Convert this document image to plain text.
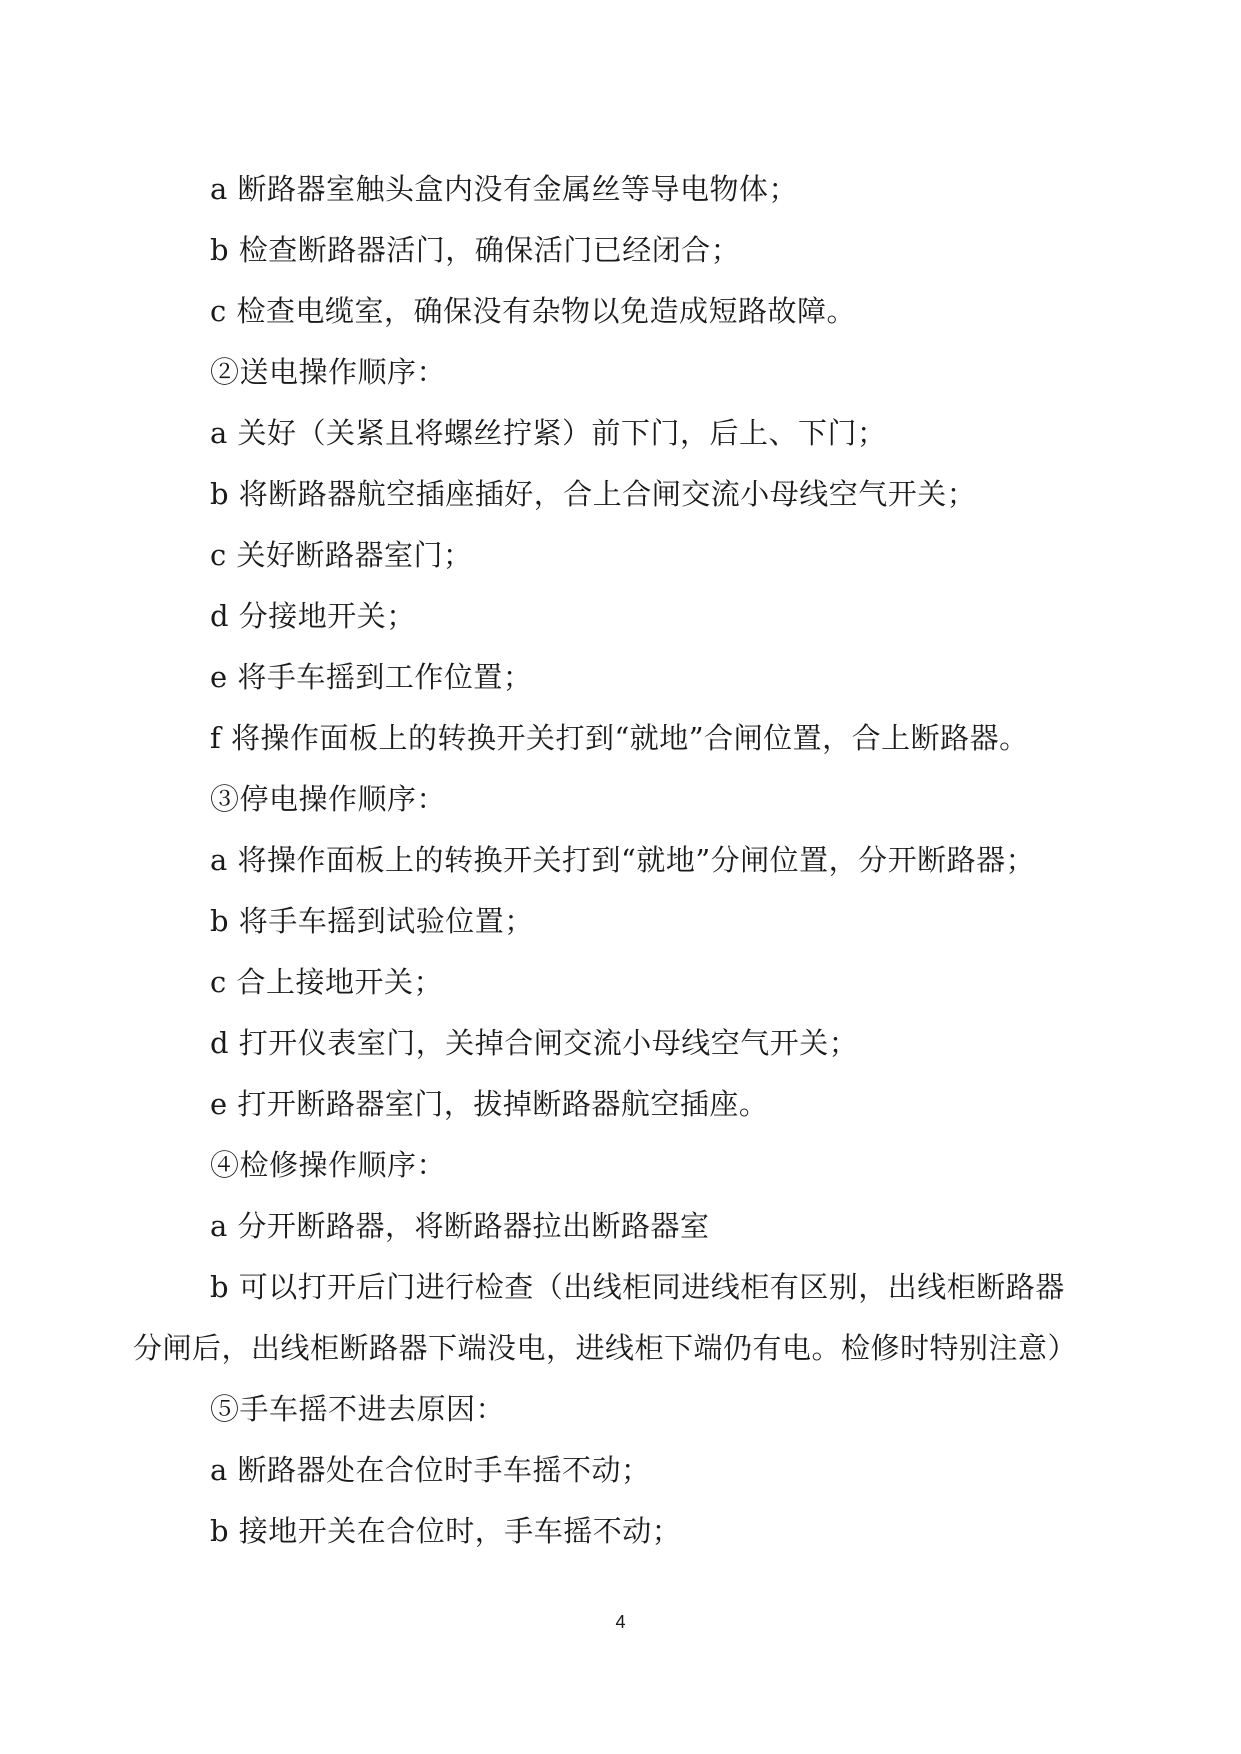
a 断路器室触头盒内没有金属丝等导电物体；
b 检查断路器活门，确保活门已经闭合；
c 检查电缆室，确保没有杂物以免造成短路故障。
②送电操作顺序：
a 关好（关紧且将螺丝拧紧）前下门，后上、下门；
b 将断路器航空插座插好，合上合闸交流小母线空气开关；
c 关好断路器室门；
d 分接地开关；
e 将手车摇到工作位置；
f 将操作面板上的转换开关打到“就地”合闸位置，合上断路器。
③停电操作顺序：
a 将操作面板上的转换开关打到“就地”分闸位置，分开断路器；
b 将手车摇到试验位置；
c 合上接地开关；
d 打开仪表室门，关掉合闸交流小母线空气开关；
e 打开断路器室门，拔掉断路器航空插座。
④检修操作顺序：
a 分开断路器，将断路器拉出断路器室
b 可以打开后门进行检查（出线柜同进线柜有区别，出线柜断路器
分闸后，出线柜断路器下端没电，进线柜下端仍有电。检修时特别注意）
⑤手车摇不进去原因：
a 断路器处在合位时手车摇不动；
b 接地开关在合位时，手车摇不动；
4
